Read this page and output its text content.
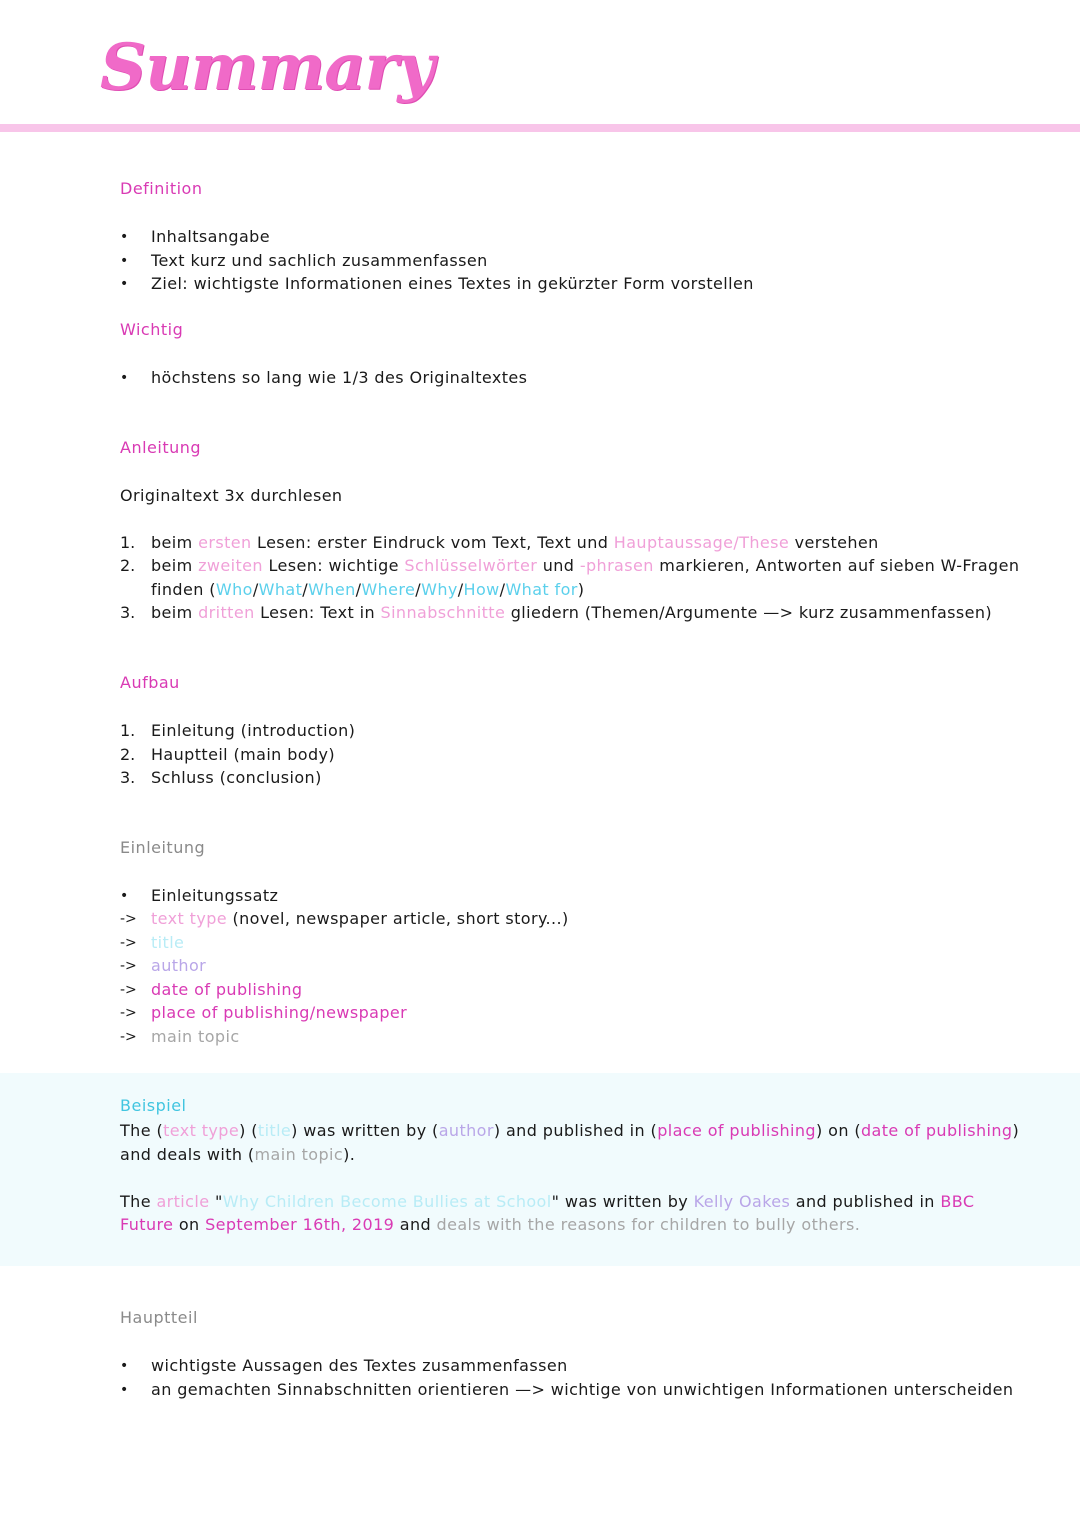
Summary
Definition
• Inhaltsangabe
• Text kurz und sachlich zusammenfassen
• Ziel: wichtigste Informationen eines Textes in gekürzter Form vorstellen
Wichtig
• höchstens so lang wie 1/3 des Originaltextes
Anleitung
Originaltext 3x durchlesen
1. beim ersten Lesen: erster Eindruck vom Text, Text und Hauptaussage/These verstehen
2. beim zweiten Lesen: wichtige Schlüsselwörter und -phrasen markieren, Antworten auf sieben W-Fragen
finden (Who/What/When/Where/Why/How/What for)
3. beim dritten Lesen: Text in Sinnabschnitte gliedern (Themen/Argumente —> kurz zusammenfassen)
Aufbau
1. Einleitung (introduction)
2. Hauptteil (main body)
3. Schluss (conclusion)
Einleitung
• Einleitungssatz
-> text type (novel, newspaper article, short story...)
-> title
-> author
-> date of publishing
-> place of publishing/newspaper
-> main topic
Beispiel
The (text type) (title) was written by (author) and published in (place of publishing) on (date of publishing)
and deals with (main topic).
The article "Why Children Become Bullies at School" was written by Kelly Oakes and published in BBC
Future on September 16th, 2019 and deals with the reasons for children to bully others.
Hauptteil
• wichtigste Aussagen des Textes zusammenfassen
• an gemachten Sinnabschnitten orientieren —> wichtige von unwichtigen Informationen unterscheiden
